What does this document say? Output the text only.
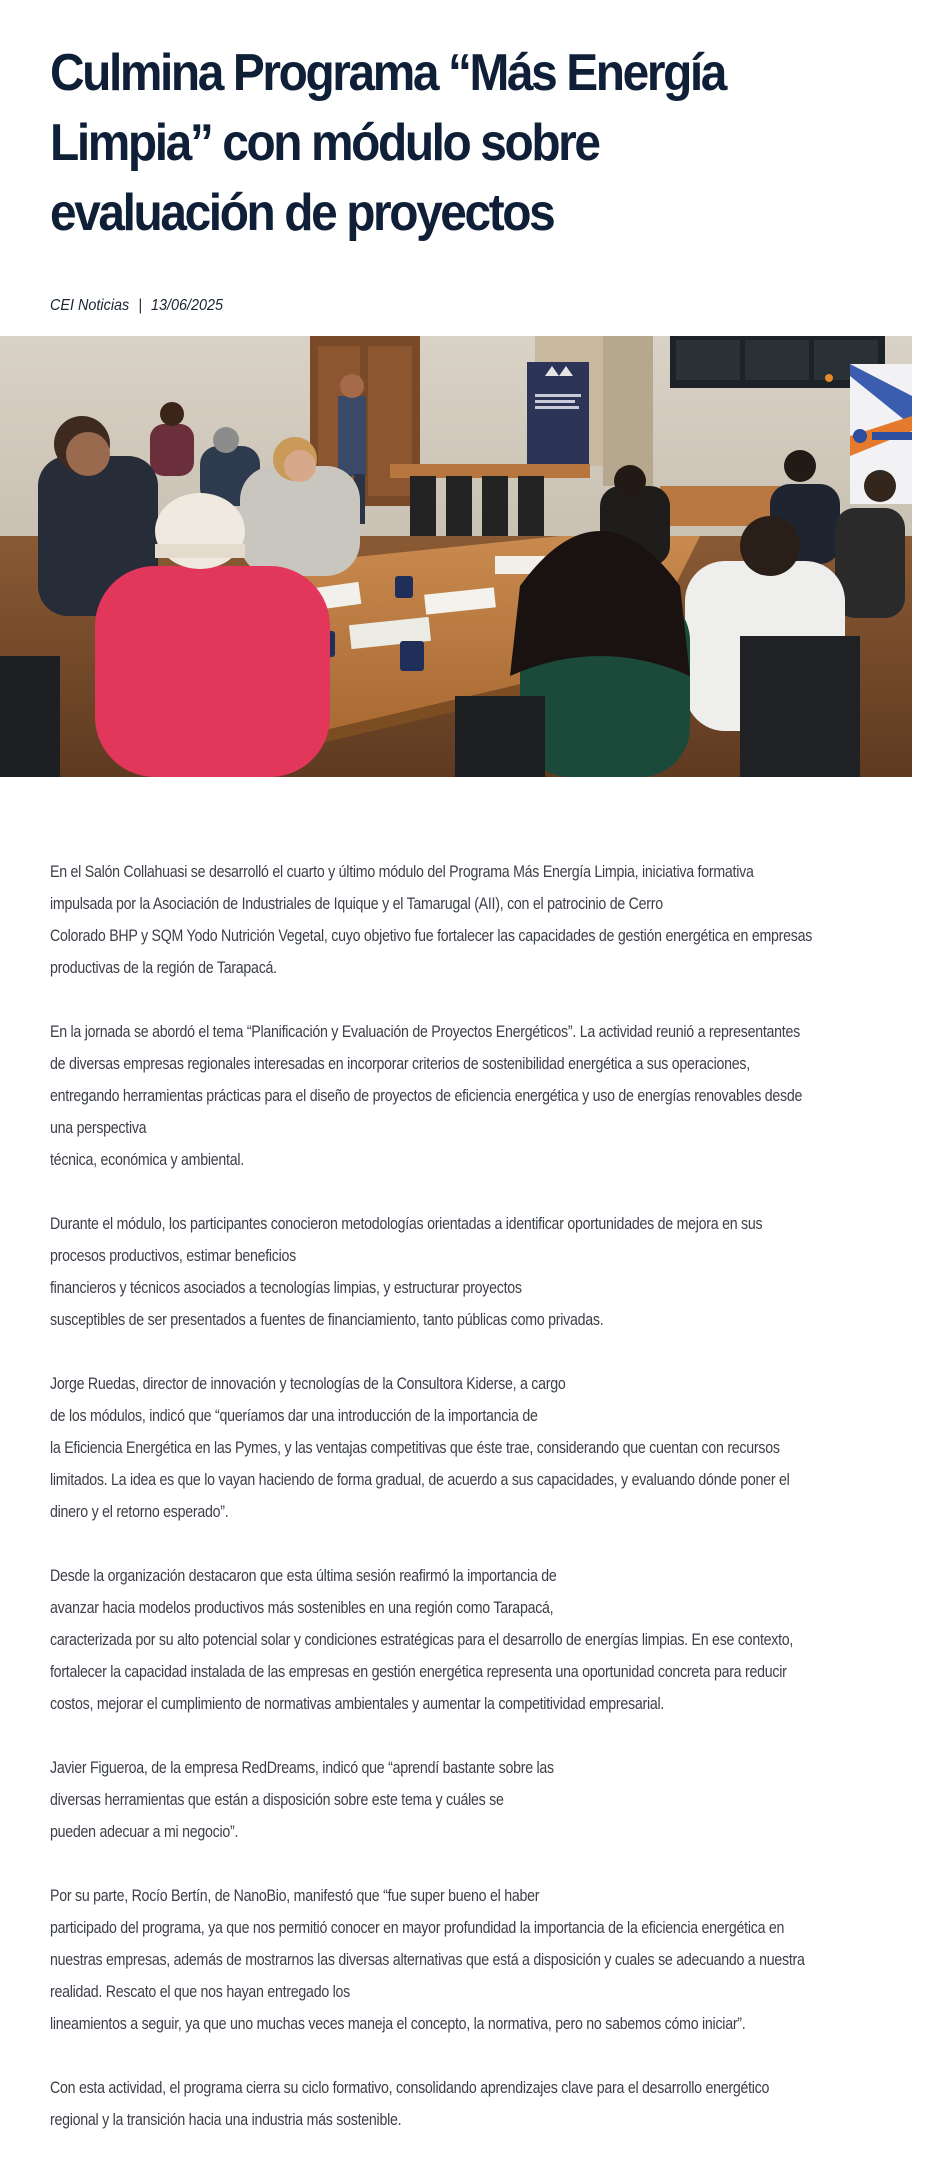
Culmina Programa “Más Energía
Limpia” con módulo sobre
evaluación de proyectos
CEI Noticias | 13/06/2025

En el Salón Collahuasi se desarrolló el cuarto y último módulo del Programa Más Energía Limpia, iniciativa formativa
impulsada por la Asociación de Industriales de Iquique y el Tamarugal (AII), con el patrocinio de Cerro
Colorado BHP y SQM Yodo Nutrición Vegetal, cuyo objetivo fue fortalecer las capacidades de gestión energética en empresas
productivas de la región de Tarapacá.

En la jornada se abordó el tema “Planificación y Evaluación de Proyectos Energéticos”. La actividad reunió a representantes
de diversas empresas regionales interesadas en incorporar criterios de sostenibilidad energética a sus operaciones,
entregando herramientas prácticas para el diseño de proyectos de eficiencia energética y uso de energías renovables desde
una perspectiva
técnica, económica y ambiental.

Durante el módulo, los participantes conocieron metodologías orientadas a identificar oportunidades de mejora en sus
procesos productivos, estimar beneficios
financieros y técnicos asociados a tecnologías limpias, y estructurar proyectos
susceptibles de ser presentados a fuentes de financiamiento, tanto públicas como privadas.

Jorge Ruedas, director de innovación y tecnologías de la Consultora Kiderse, a cargo
de los módulos, indicó que “queríamos dar una introducción de la importancia de
la Eficiencia Energética en las Pymes, y las ventajas competitivas que éste trae, considerando que cuentan con recursos
limitados. La idea es que lo vayan haciendo de forma gradual, de acuerdo a sus capacidades, y evaluando dónde poner el
dinero y el retorno esperado”.

Desde la organización destacaron que esta última sesión reafirmó la importancia de
avanzar hacia modelos productivos más sostenibles en una región como Tarapacá,
caracterizada por su alto potencial solar y condiciones estratégicas para el desarrollo de energías limpias. En ese contexto,
fortalecer la capacidad instalada de las empresas en gestión energética representa una oportunidad concreta para reducir
costos, mejorar el cumplimiento de normativas ambientales y aumentar la competitividad empresarial.

Javier Figueroa, de la empresa RedDreams, indicó que “aprendí bastante sobre las
diversas herramientas que están a disposición sobre este tema y cuáles se
pueden adecuar a mi negocio”.

Por su parte, Rocío Bertín, de NanoBio, manifestó que “fue super bueno el haber
participado del programa, ya que nos permitió conocer en mayor profundidad la importancia de la eficiencia energética en
nuestras empresas, además de mostrarnos las diversas alternativas que está a disposición y cuales se adecuando a nuestra
realidad. Rescato el que nos hayan entregado los
lineamientos a seguir, ya que uno muchas veces maneja el concepto, la normativa, pero no sabemos cómo iniciar”.

Con esta actividad, el programa cierra su ciclo formativo, consolidando aprendizajes clave para el desarrollo energético
regional y la transición hacia una industria más sostenible.
